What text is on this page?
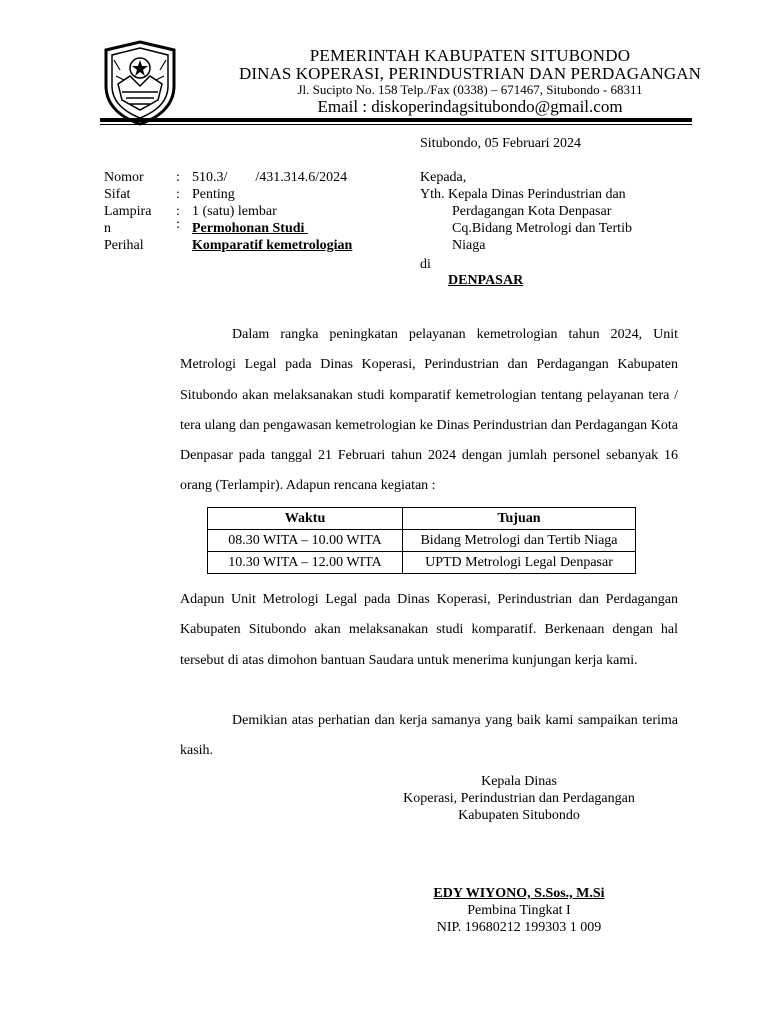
PEMERINTAH KABUPATEN SITUBONDO
DINAS KOPERASI, PERINDUSTRIAN DAN PERDAGANGAN
Jl. Sucipto No. 158 Telp./Fax (0338) – 671467, Situbondo - 68311
Email : diskoperindagsitubondo@gmail.com
Situbondo, 05 Februari 2024
Nomor : 510.3/        /431.314.6/2024
Sifat	: Penting
Lampira : 1 (satu) lembar
n	: Permohonan Studi
Perihal	Komparatif kemetrologian
Kepada,
Yth. Kepala Dinas Perindustrian dan
Perdagangan Kota Denpasar
Cq.Bidang Metrologi dan Tertib
Niaga
di
DENPASAR
Dalam rangka peningkatan pelayanan kemetrologian tahun 2024, Unit Metrologi Legal pada Dinas Koperasi, Perindustrian dan Perdagangan Kabupaten Situbondo akan melaksanakan studi komparatif kemetrologian tentang pelayanan tera / tera ulang dan pengawasan kemetrologian ke Dinas Perindustrian dan Perdagangan Kota Denpasar pada tanggal 21 Februari tahun 2024 dengan jumlah personel sebanyak 16 orang (Terlampir). Adapun rencana kegiatan :
Waktu	Tujuan
08.30 WITA – 10.00 WITA	Bidang Metrologi dan Tertib Niaga
10.30 WITA – 12.00 WITA	UPTD Metrologi Legal Denpasar
Adapun Unit Metrologi Legal pada Dinas Koperasi, Perindustrian dan Perdagangan Kabupaten Situbondo akan melaksanakan studi komparatif. Berkenaan dengan hal tersebut di atas dimohon bantuan Saudara untuk menerima kunjungan kerja kami.
Demikian atas perhatian dan kerja samanya yang baik kami sampaikan terima kasih.
Kepala Dinas
Koperasi, Perindustrian dan Perdagangan
Kabupaten Situbondo
EDY WIYONO, S.Sos., M.Si
Pembina Tingkat I
NIP. 19680212 199303 1 009
